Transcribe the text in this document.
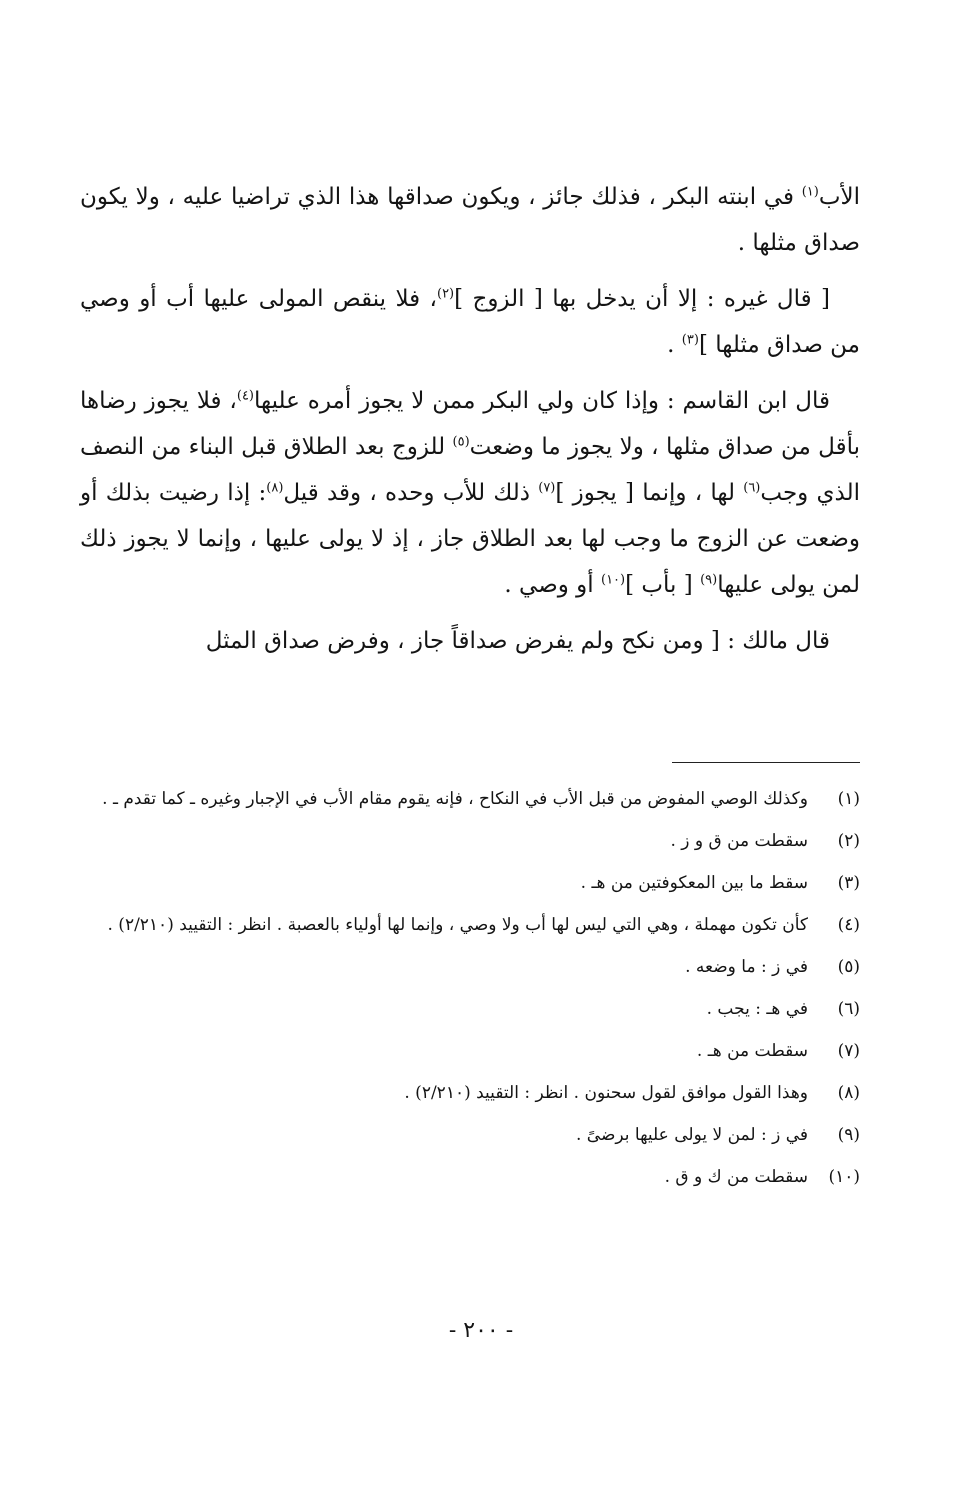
الأب$^{(١)}$ في ابنته البكر ، فذلك جائز ، ويكون صداقها هذا الذي تراضيا عليه ، ولا يكون صداق مثلها .

[ قال غيره : إلا أن يدخل بها [ الزوج ]$^{(٢)}$، فلا ينقص المولى عليها أب أو وصي من صداق مثلها ]$^{(٣)}$ .

قال ابن القاسم : وإذا كان ولي البكر ممن لا يجوز أمره عليها$^{(٤)}$، فلا يجوز رضاها بأقل من صداق مثلها ، ولا يجوز ما وضعت$^{(٥)}$ للزوج بعد الطلاق قبل البناء من النصف الذي وجب$^{(٦)}$ لها ، وإنما [ يجوز ]$^{(٧)}$ ذلك للأب وحده ، وقد قيل$^{(٨)}$: إذا رضيت بذلك أو وضعت عن الزوج ما وجب لها بعد الطلاق جاز ، إذ لا يولى عليها ، وإنما لا يجوز ذلك لمن يولى عليها$^{(٩)}$ [ بأب ]$^{(١٠)}$ أو وصي .

قال مالك : [ ومن نكح ولم يفرض صداقاً جاز ، وفرض صداق المثل

(١)
وكذلك الوصي المفوض من قبل الأب في النكاح ، فإنه يقوم مقام الأب في الإجبار وغيره ـ كما تقدم ـ .
(٢)
سقطت من ق و ز .
(٣)
سقط ما بين المعكوفتين من هـ .
(٤)
كأن تكون مهملة ، وهي التي ليس لها أب ولا وصي ، وإنما لها أولياء بالعصبة . انظر : التقييد (٢/٢١٠) .
(٥)
في ز : ما وضعه .
(٦)
في هـ : يجب .
(٧)
سقطت من هـ .
(٨)
وهذا القول موافق لقول سحنون . انظر : التقييد (٢/٢١٠) .
(٩)
في ز : لمن لا يولى عليها برضىً .
(١٠)
سقطت من ك و ق .
- ٢٠٠ -
